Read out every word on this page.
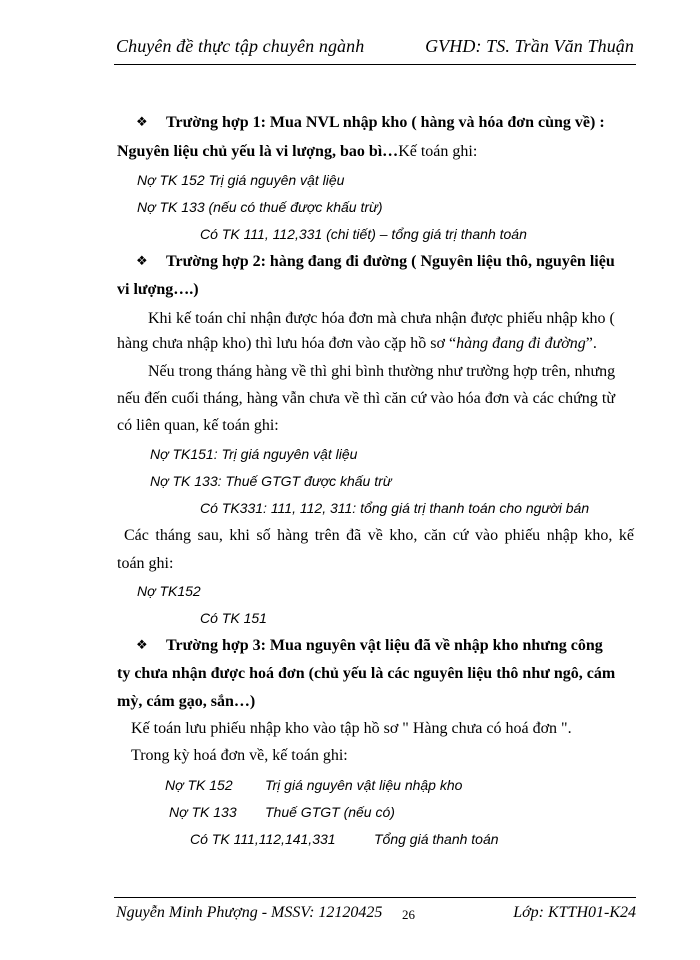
Chuyên đề thực tập chuyên ngành	GVHD: TS. Trần Văn Thuận
❖ Trường hợp 1: Mua NVL nhập kho ( hàng và hóa đơn cùng về) :
Nguyên liệu chủ yếu là vi lượng, bao bì…Kế toán ghi:
Nợ TK 152 Trị giá nguyên vật liệu
Nợ TK 133 (nếu có thuế được khấu trừ)
Có TK 111, 112,331 (chi tiết) – tổng giá trị thanh toán
❖ Trường hợp 2: hàng đang đi đường ( Nguyên liệu thô, nguyên liệu
vi lượng….)
Khi kế toán chỉ nhận được hóa đơn mà chưa nhận được phiếu nhập kho (
hàng chưa nhập kho) thì lưu hóa đơn vào cặp hồ sơ “hàng đang đi đường”.
Nếu trong tháng hàng về thì ghi bình thường như trường hợp trên, nhưng
nếu đến cuối tháng, hàng vẫn chưa về thì căn cứ vào hóa đơn và các chứng từ
có liên quan, kế toán ghi:
Nợ TK151: Trị giá nguyên vật liệu
Nợ TK 133: Thuế GTGT được khấu trừ
Có TK331: 111, 112, 311: tổng giá trị thanh toán cho người bán
Các tháng sau, khi số hàng trên đã về kho, căn cứ vào phiếu nhập kho, kế
toán ghi:
Nợ TK152
Có TK 151
❖ Trường hợp 3: Mua nguyên vật liệu đã về nhập kho nhưng công
ty chưa nhận được hoá đơn (chủ yếu là các nguyên liệu thô như ngô, cám
mỳ, cám gạo, sắn…)
Kế toán lưu phiếu nhập kho vào tập hồ sơ " Hàng chưa có hoá đơn ".
Trong kỳ hoá đơn về, kế toán ghi:
Nợ TK 152 Trị giá nguyên vật liệu nhập kho
Nợ TK 133 Thuế GTGT (nếu có)
Có TK 111,112,141,331	Tổng giá thanh toán
Nguyễn Minh Phượng - MSSV: 12120425 26	Lớp: KTTH01-K24
